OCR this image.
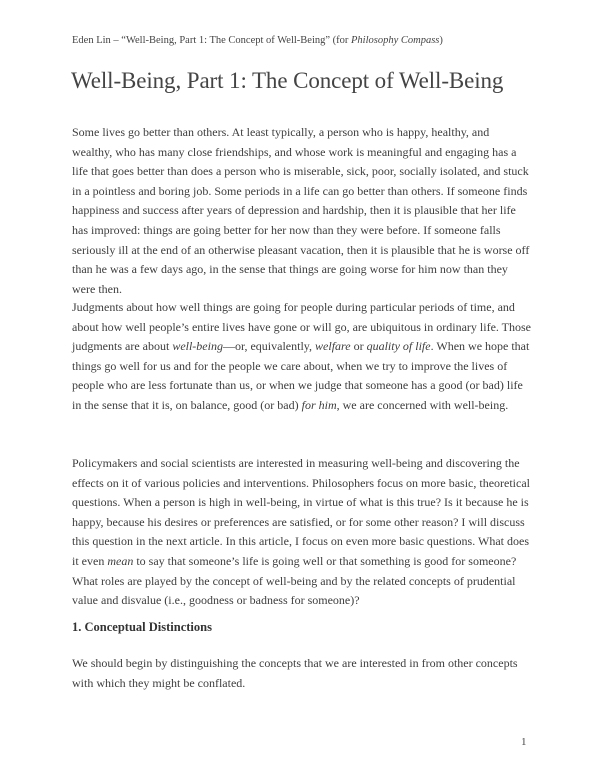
Eden Lin – “Well-Being, Part 1: The Concept of Well-Being” (for Philosophy Compass)
Well-Being, Part 1: The Concept of Well-Being

Some lives go better than others. At least typically, a person who is happy, healthy, and wealthy, who has many close friendships, and whose work is meaningful and engaging has a life that goes better than does a person who is miserable, sick, poor, socially isolated, and stuck in a pointless and boring job. Some periods in a life can go better than others. If someone finds happiness and success after years of depression and hardship, then it is plausible that her life has improved: things are going better for her now than they were before. If someone falls seriously ill at the end of an otherwise pleasant vacation, then it is plausible that he is worse off than he was a few days ago, in the sense that things are going worse for him now than they were then.

Judgments about how well things are going for people during particular periods of time, and about how well people’s entire lives have gone or will go, are ubiquitous in ordinary life. Those judgments are about well-being—or, equivalently, welfare or quality of life. When we hope that things go well for us and for the people we care about, when we try to improve the lives of people who are less fortunate than us, or when we judge that someone has a good (or bad) life in the sense that it is, on balance, good (or bad) for him, we are concerned with well-being.

Policymakers and social scientists are interested in measuring well-being and discovering the effects on it of various policies and interventions. Philosophers focus on more basic, theoretical questions. When a person is high in well-being, in virtue of what is this true? Is it because he is happy, because his desires or preferences are satisfied, or for some other reason? I will discuss this question in the next article. In this article, I focus on even more basic questions. What does it even mean to say that someone’s life is going well or that something is good for someone? What roles are played by the concept of well-being and by the related concepts of prudential value and disvalue (i.e., goodness or badness for someone)?

1. Conceptual Distinctions

We should begin by distinguishing the concepts that we are interested in from other concepts with which they might be conflated.

1
